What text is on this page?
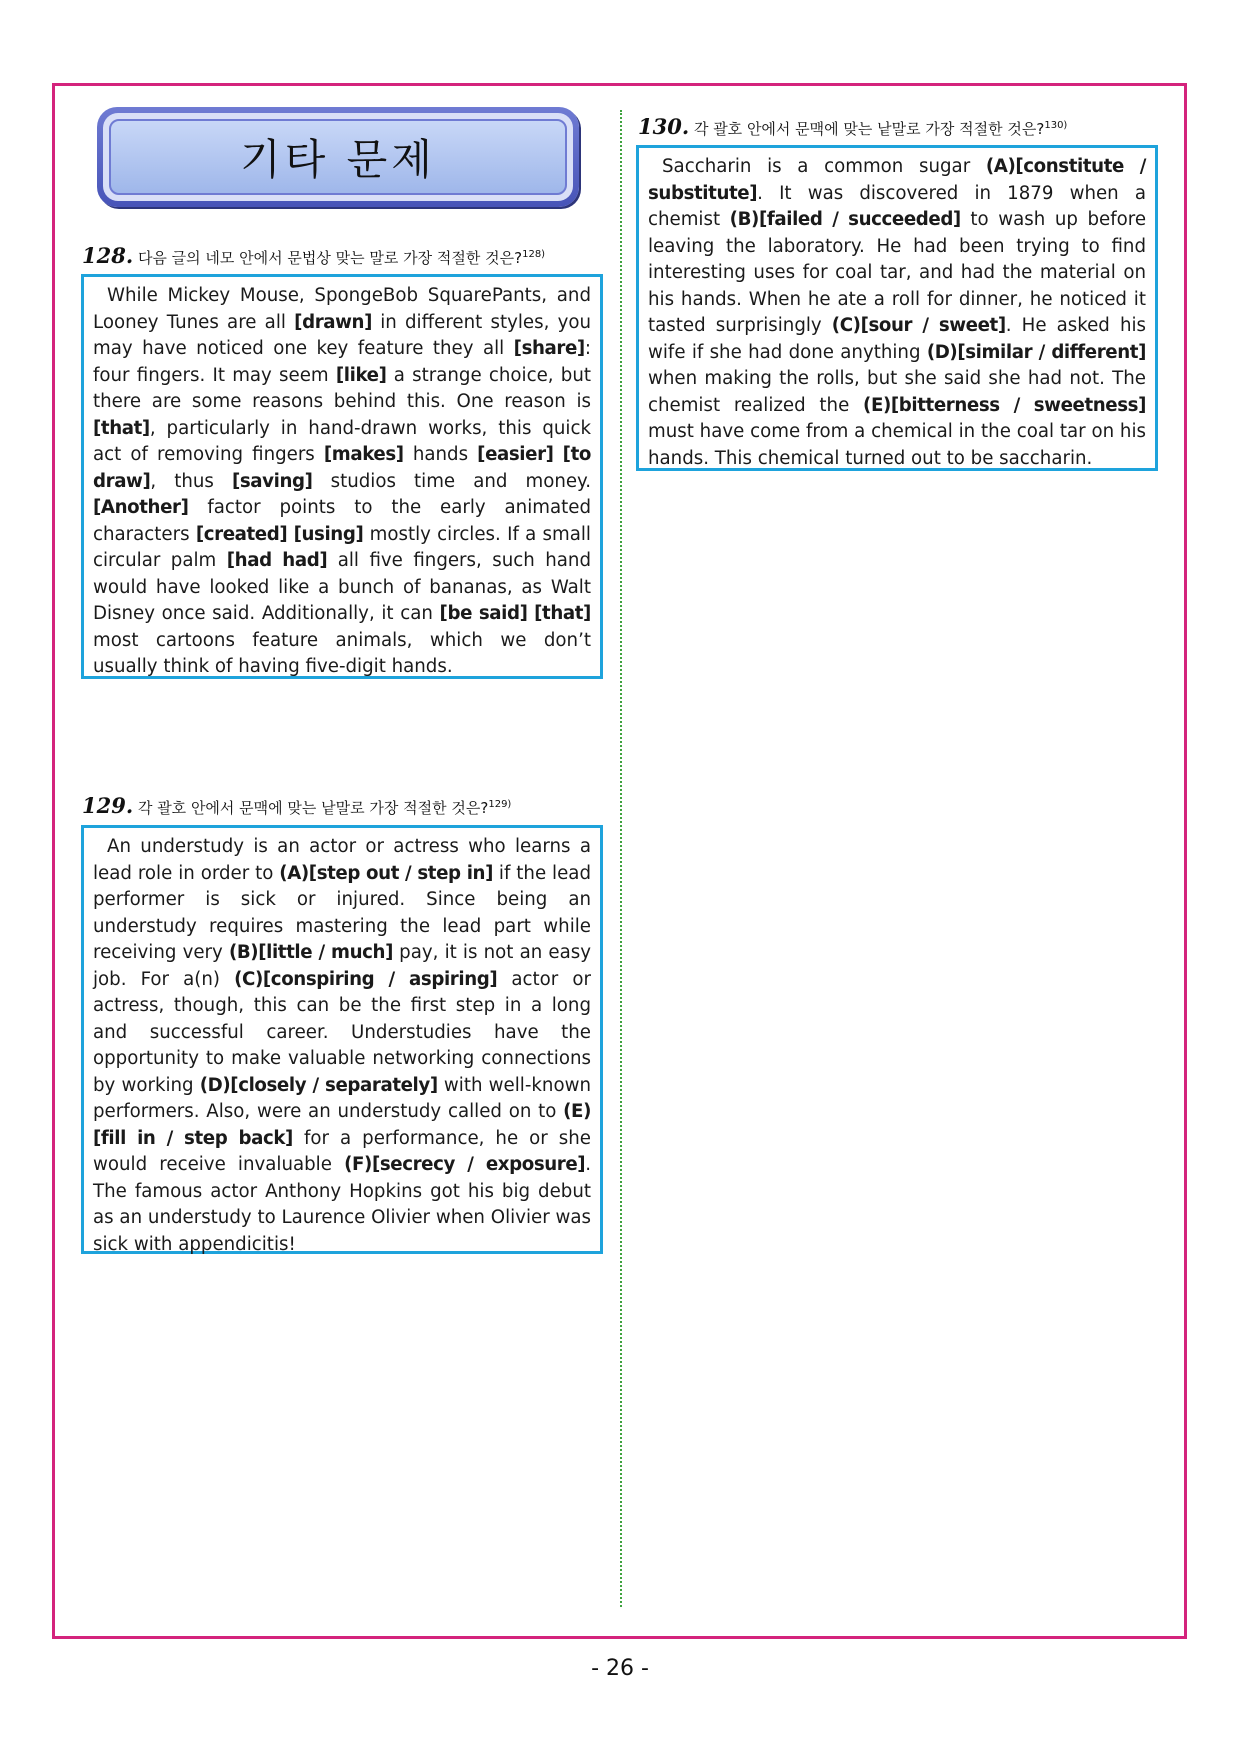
기타 문제
128. 다음 글의 네모 안에서 문법상 맞는 말로 가장 적절한 것은?$^{128)}$

While Mickey Mouse, SpongeBob SquarePants, and Looney Tunes are all [drawn] in different styles, you may have noticed one key feature they all [share]: four fingers. It may seem [like] a strange choice, but there are some reasons behind this. One reason is [that], particularly in hand-drawn works, this quick act of removing fingers [makes] hands [easier] [to draw], thus [saving] studios time and money. [Another] factor points to the early animated characters [created] [using] mostly circles. If a small circular palm [had had] all five fingers, such hand would have looked like a bunch of bananas, as Walt Disney once said. Additionally, it can [be said] [that] most cartoons feature animals, which we don’t usually think of having five-digit hands.

129. 각 괄호 안에서 문맥에 맞는 낱말로 가장 적절한 것은?$^{129)}$

An understudy is an actor or actress who learns a lead role in order to (A)[step out / step in] if the lead performer is sick or injured. Since being an understudy requires mastering the lead part while receiving very (B)[little / much] pay, it is not an easy job. For a(n) (C)[conspiring / aspiring] actor or actress, though, this can be the first step in a long and successful career. Understudies have the opportunity to make valuable networking connections by working (D)[closely / separately] with well-known performers. Also, were an understudy called on to (E)[fill in / step back] for a performance, he or she would receive invaluable (F)[secrecy / exposure]. The famous actor Anthony Hopkins got his big debut as an understudy to Laurence Olivier when Olivier was sick with appendicitis!

130. 각 괄호 안에서 문맥에 맞는 낱말로 가장 적절한 것은?$^{130)}$

Saccharin is a common sugar (A)[constitute / substitute]. It was discovered in 1879 when a chemist (B)[failed / succeeded] to wash up before leaving the laboratory. He had been trying to find interesting uses for coal tar, and had the material on his hands. When he ate a roll for dinner, he noticed it tasted surprisingly (C)[sour / sweet]. He asked his wife if she had done anything (D)[similar / different] when making the rolls, but she said she had not. The chemist realized the (E)[bitterness / sweetness] must have come from a chemical in the coal tar on his hands. This chemical turned out to be saccharin.

- 26 -
